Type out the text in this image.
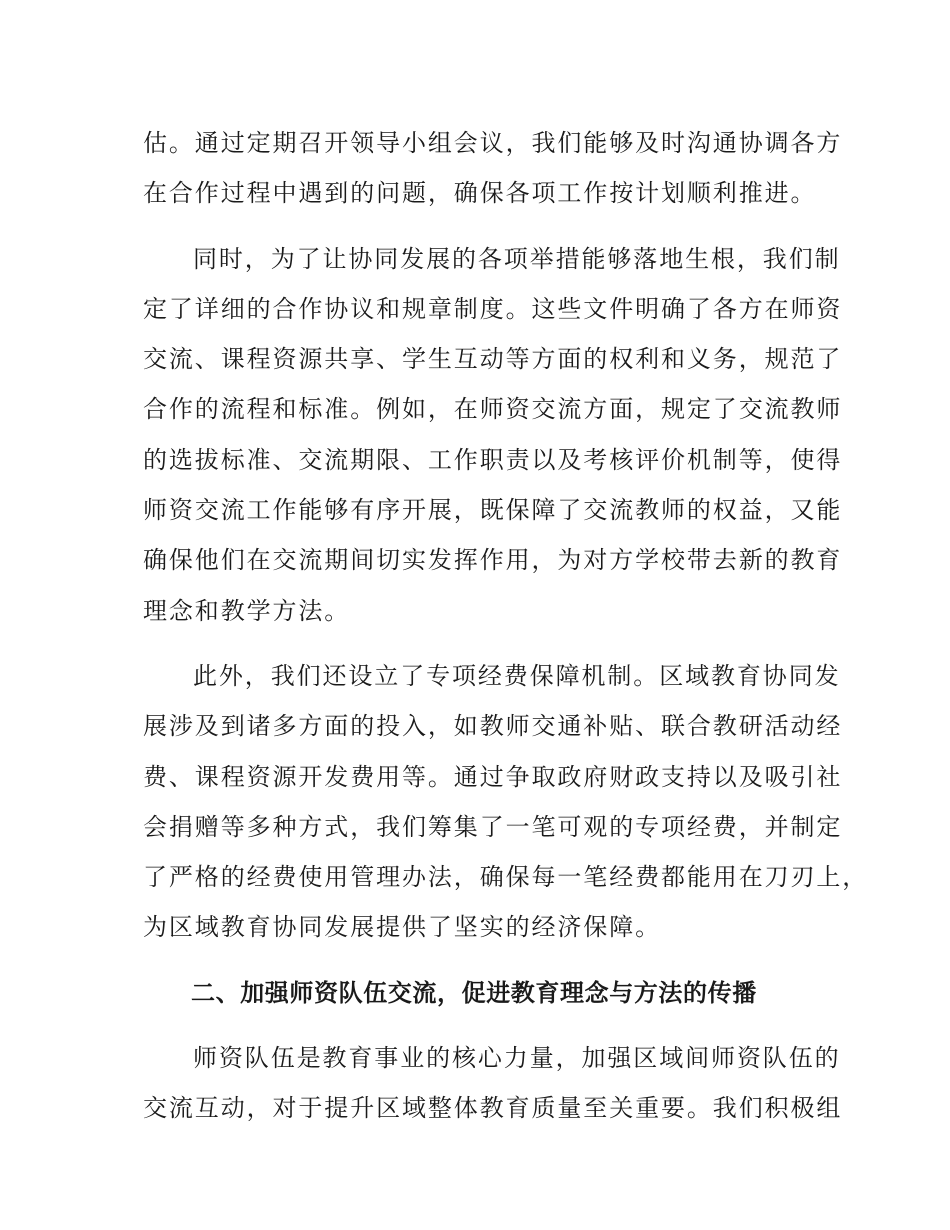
估。通过定期召开领导小组会议，我们能够及时沟通协调各方
在合作过程中遇到的问题，确保各项工作按计划顺利推进。
同时，为了让协同发展的各项举措能够落地生根，我们制
定了详细的合作协议和规章制度。这些文件明确了各方在师资
交流、课程资源共享、学生互动等方面的权利和义务，规范了
合作的流程和标准。例如，在师资交流方面，规定了交流教师
的选拔标准、交流期限、工作职责以及考核评价机制等，使得
师资交流工作能够有序开展，既保障了交流教师的权益，又能
确保他们在交流期间切实发挥作用，为对方学校带去新的教育
理念和教学方法。
此外，我们还设立了专项经费保障机制。区域教育协同发
展涉及到诸多方面的投入，如教师交通补贴、联合教研活动经
费、课程资源开发费用等。通过争取政府财政支持以及吸引社
会捐赠等多种方式，我们筹集了一笔可观的专项经费，并制定
了严格的经费使用管理办法，确保每一笔经费都能用在刀刃上，
为区域教育协同发展提供了坚实的经济保障。
二、加强师资队伍交流，促进教育理念与方法的传播
师资队伍是教育事业的核心力量，加强区域间师资队伍的
交流互动，对于提升区域整体教育质量至关重要。我们积极组
